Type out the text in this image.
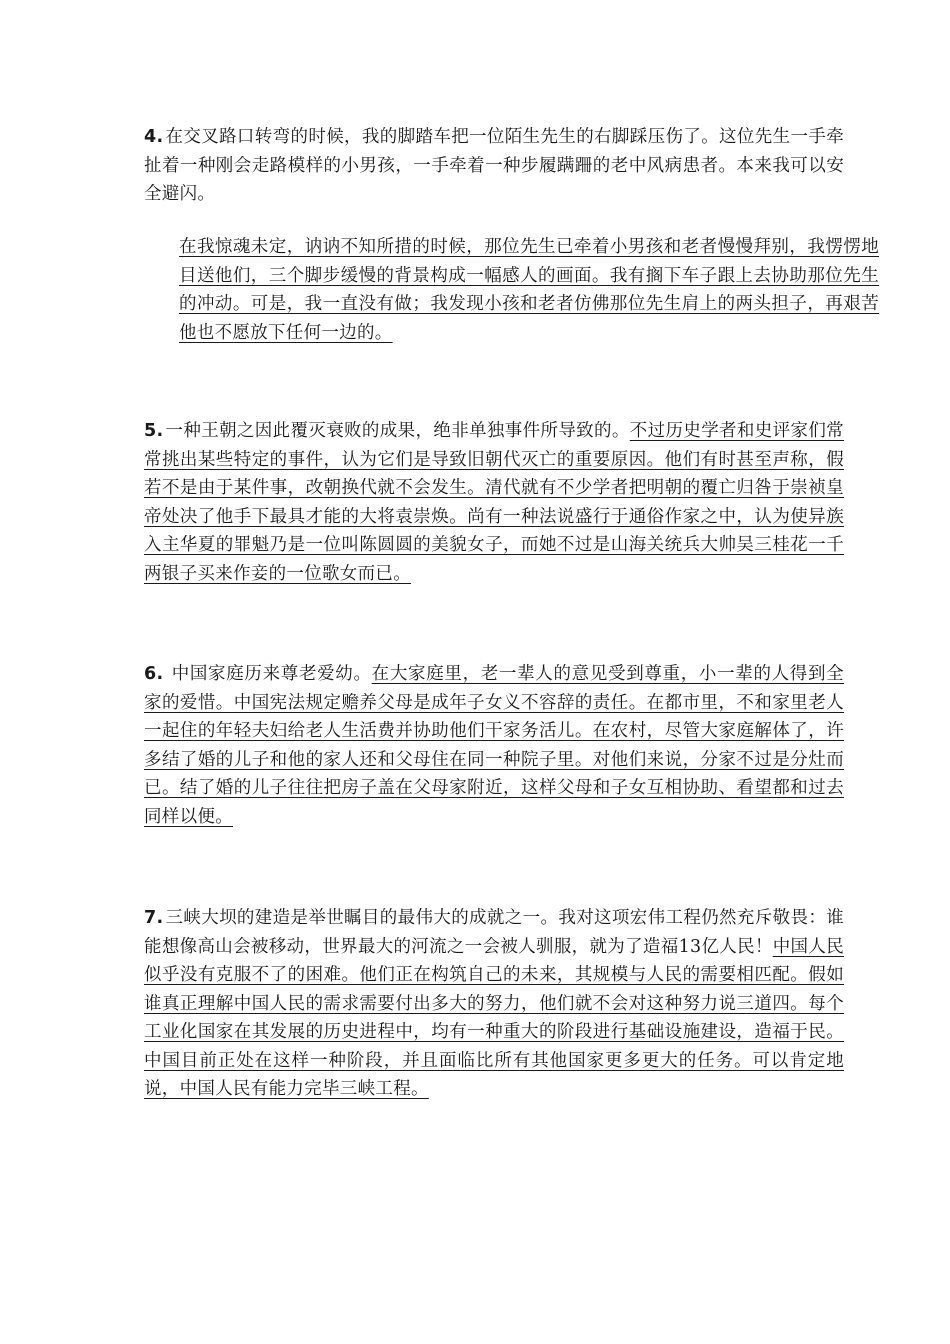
4. 在交叉路口转弯的时候，我的脚踏车把一位陌生先生的右脚踩压伤了。这位先生一手牵扯着一种刚会走路模样的小男孩，一手牵着一种步履蹒跚的老中风病患者。本来我可以安全避闪。

在我惊魂未定，讷讷不知所措的时候，那位先生已牵着小男孩和老者慢慢拜别，我愣愣地目送他们，三个脚步缓慢的背景构成一幅感人的画面。我有搁下车子跟上去协助那位先生的冲动。可是，我一直没有做；我发现小孩和老者仿佛那位先生肩上的两头担子，再艰苦他也不愿放下任何一边的。

5. 一种王朝之因此覆灭衰败的成果，绝非单独事件所导致的。不过历史学者和史评家们常常挑出某些特定的事件，认为它们是导致旧朝代灭亡的重要原因。他们有时甚至声称，假若不是由于某件事，改朝换代就不会发生。清代就有不少学者把明朝的覆亡归咎于崇祯皇帝处决了他手下最具才能的大将袁崇焕。尚有一种法说盛行于通俗作家之中，认为使异族入主华夏的罪魁乃是一位叫陈圆圆的美貌女子，而她不过是山海关统兵大帅吴三桂花一千两银子买来作妾的一位歌女而已。

6. 中国家庭历来尊老爱幼。在大家庭里，老一辈人的意见受到尊重，小一辈的人得到全家的爱惜。中国宪法规定赡养父母是成年子女义不容辞的责任。在都市里，不和家里老人一起住的年轻夫妇给老人生活费并协助他们干家务活儿。在农村，尽管大家庭解体了，许多结了婚的儿子和他的家人还和父母住在同一种院子里。对他们来说，分家不过是分灶而已。结了婚的儿子往往把房子盖在父母家附近，这样父母和子女互相协助、看望都和过去同样以便。

7. 三峡大坝的建造是举世瞩目的最伟大的成就之一。我对这项宏伟工程仍然充斥敬畏：谁能想像高山会被移动，世界最大的河流之一会被人驯服，就为了造福13亿人民！中国人民似乎没有克服不了的困难。他们正在构筑自己的未来，其规模与人民的需要相匹配。假如谁真正理解中国人民的需求需要付出多大的努力，他们就不会对这种努力说三道四。每个工业化国家在其发展的历史进程中，均有一种重大的阶段进行基础设施建设，造福于民。中国目前正处在这样一种阶段，并且面临比所有其他国家更多更大的任务。可以肯定地说，中国人民有能力完毕三峡工程。
